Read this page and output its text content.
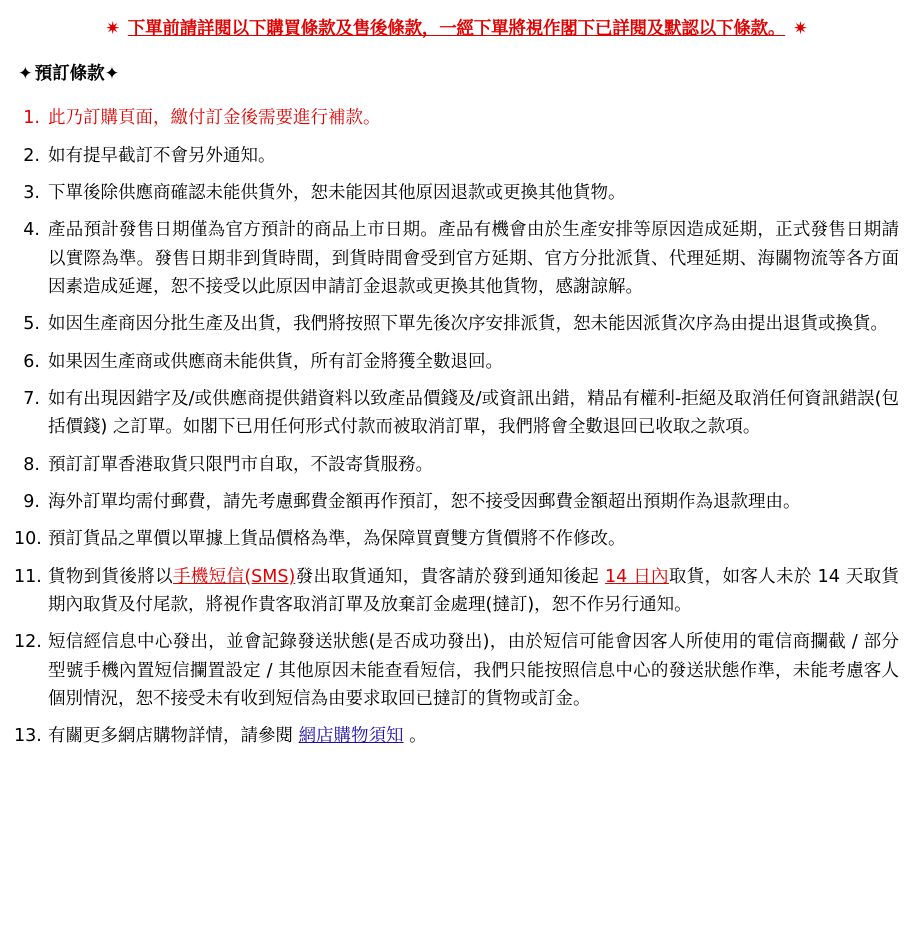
✷ 下單前請詳閱以下購買條款及售後條款，一經下單將視作閣下已詳閱及默認以下條款。 ✷
✦ 預訂條款✦
1. 此乃訂購頁面，繳付訂金後需要進行補款。
2. 如有提早截訂不會另外通知。
3. 下單後除供應商確認未能供貨外，恕未能因其他原因退款或更換其他貨物。
4. 產品預計發售日期僅為官方預計的商品上市日期。產品有機會由於生產安排等原因造成延期，正式發售日期請以實際為準。發售日期非到貨時間，到貨時間會受到官方延期、官方分批派貨、代理延期、海關物流等各方面因素造成延遲，恕不接受以此原因申請訂金退款或更換其他貨物，感謝諒解。
5. 如因生產商因分批生產及出貨，我們將按照下單先後次序安排派貨，恕未能因派貨次序為由提出退貨或換貨。
6. 如果因生產商或供應商未能供貨，所有訂金將獲全數退回。
7. 如有出現因錯字及/或供應商提供錯資料以致產品價錢及/或資訊出錯，精品有權利-拒絕及取消任何資訊錯誤(包括價錢) 之訂單。如閣下已用任何形式付款而被取消訂單，我們將會全數退回已收取之款項。
8. 預訂訂單香港取貨只限門市自取，不設寄貨服務。
9. 海外訂單均需付郵費，請先考慮郵費金額再作預訂，恕不接受因郵費金額超出預期作為退款理由。
10. 預訂貨品之單價以單據上貨品價格為準，為保障買賣雙方貨價將不作修改。
11. 貨物到貨後將以手機短信(SMS)發出取貨通知，貴客請於發到通知後起 14 日內取貨，如客人未於 14 天取貨期內取貨及付尾款，將視作貴客取消訂單及放棄訂金處理(撻訂)，恕不作另行通知。
12. 短信經信息中心發出，並會記錄發送狀態(是否成功發出)，由於短信可能會因客人所使用的電信商攔截 / 部分型號手機內置短信攔置設定 / 其他原因未能查看短信，我們只能按照信息中心的發送狀態作準，未能考慮客人個別情況，恕不接受未有收到短信為由要求取回已撻訂的貨物或訂金。
13. 有關更多網店購物詳情，請參閱 網店購物須知 。
